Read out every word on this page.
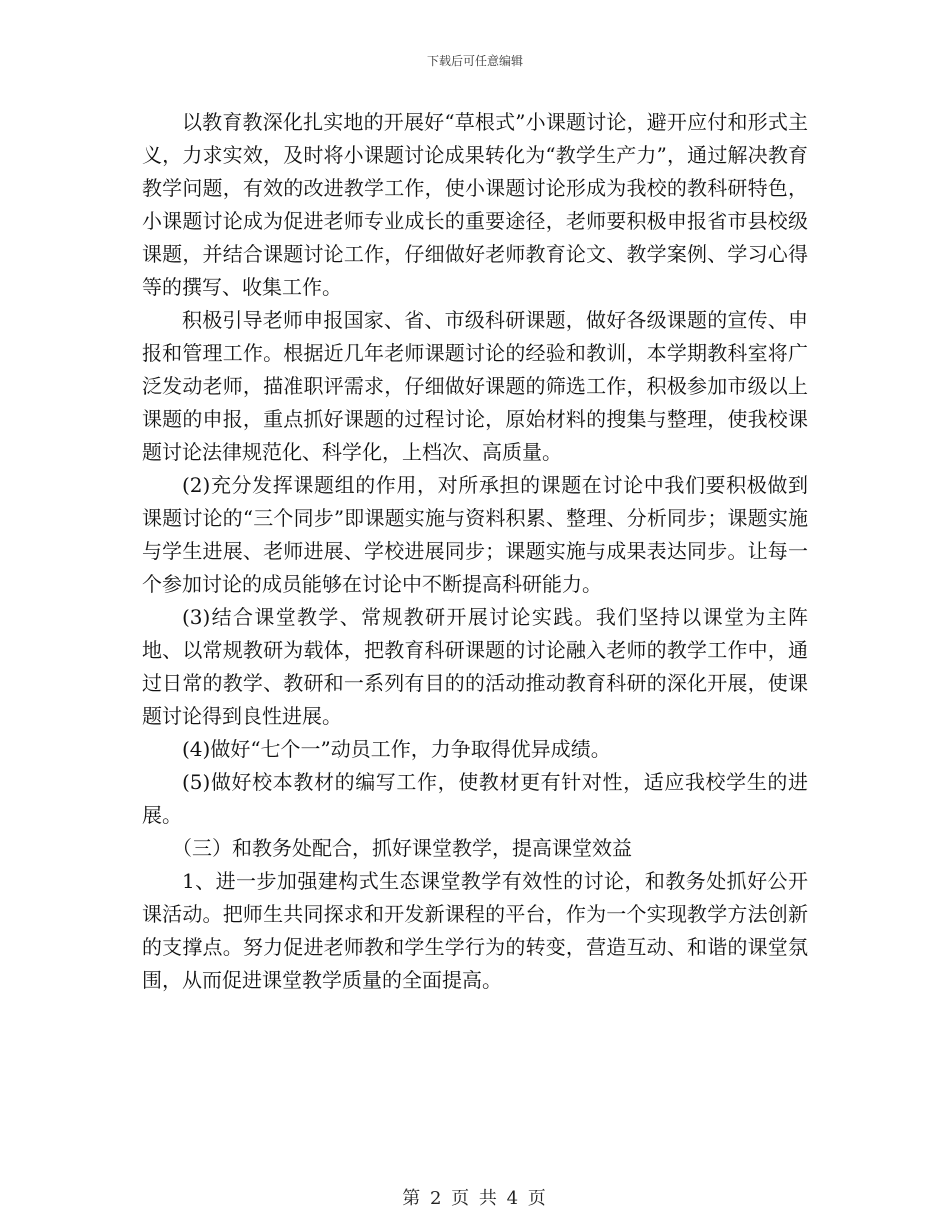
下载后可任意编辑

以教育教深化扎实地的开展好“草根式”小课题讨论，避开应付和形式主义，力求实效，及时将小课题讨论成果转化为“教学生产力”，通过解决教育教学问题，有效的改进教学工作，使小课题讨论形成为我校的教科研特色，小课题讨论成为促进老师专业成长的重要途径，老师要积极申报省市县校级课题，并结合课题讨论工作，仔细做好老师教育论文、教学案例、学习心得等的撰写、收集工作。

积极引导老师申报国家、省、市级科研课题，做好各级课题的宣传、申报和管理工作。根据近几年老师课题讨论的经验和教训，本学期教科室将广泛发动老师，描准职评需求，仔细做好课题的筛选工作，积极参加市级以上课题的申报，重点抓好课题的过程讨论，原始材料的搜集与整理，使我校课题讨论法律规范化、科学化，上档次、高质量。

(2)充分发挥课题组的作用，对所承担的课题在讨论中我们要积极做到课题讨论的“三个同步”即课题实施与资料积累、整理、分析同步；课题实施与学生进展、老师进展、学校进展同步；课题实施与成果表达同步。让每一个参加讨论的成员能够在讨论中不断提高科研能力。

(3)结合课堂教学、常规教研开展讨论实践。我们坚持以课堂为主阵地、以常规教研为载体，把教育科研课题的讨论融入老师的教学工作中，通过日常的教学、教研和一系列有目的的活动推动教育科研的深化开展，使课题讨论得到良性进展。

(4)做好“七个一”动员工作，力争取得优异成绩。

(5)做好校本教材的编写工作，使教材更有针对性，适应我校学生的进展。

（三）和教务处配合，抓好课堂教学，提高课堂效益

1、进一步加强建构式生态课堂教学有效性的讨论，和教务处抓好公开课活动。把师生共同探求和开发新课程的平台，作为一个实现教学方法创新的支撑点。努力促进老师教和学生学行为的转变，营造互动、和谐的课堂氛围，从而促进课堂教学质量的全面提高。

第 2 页 共 4 页
